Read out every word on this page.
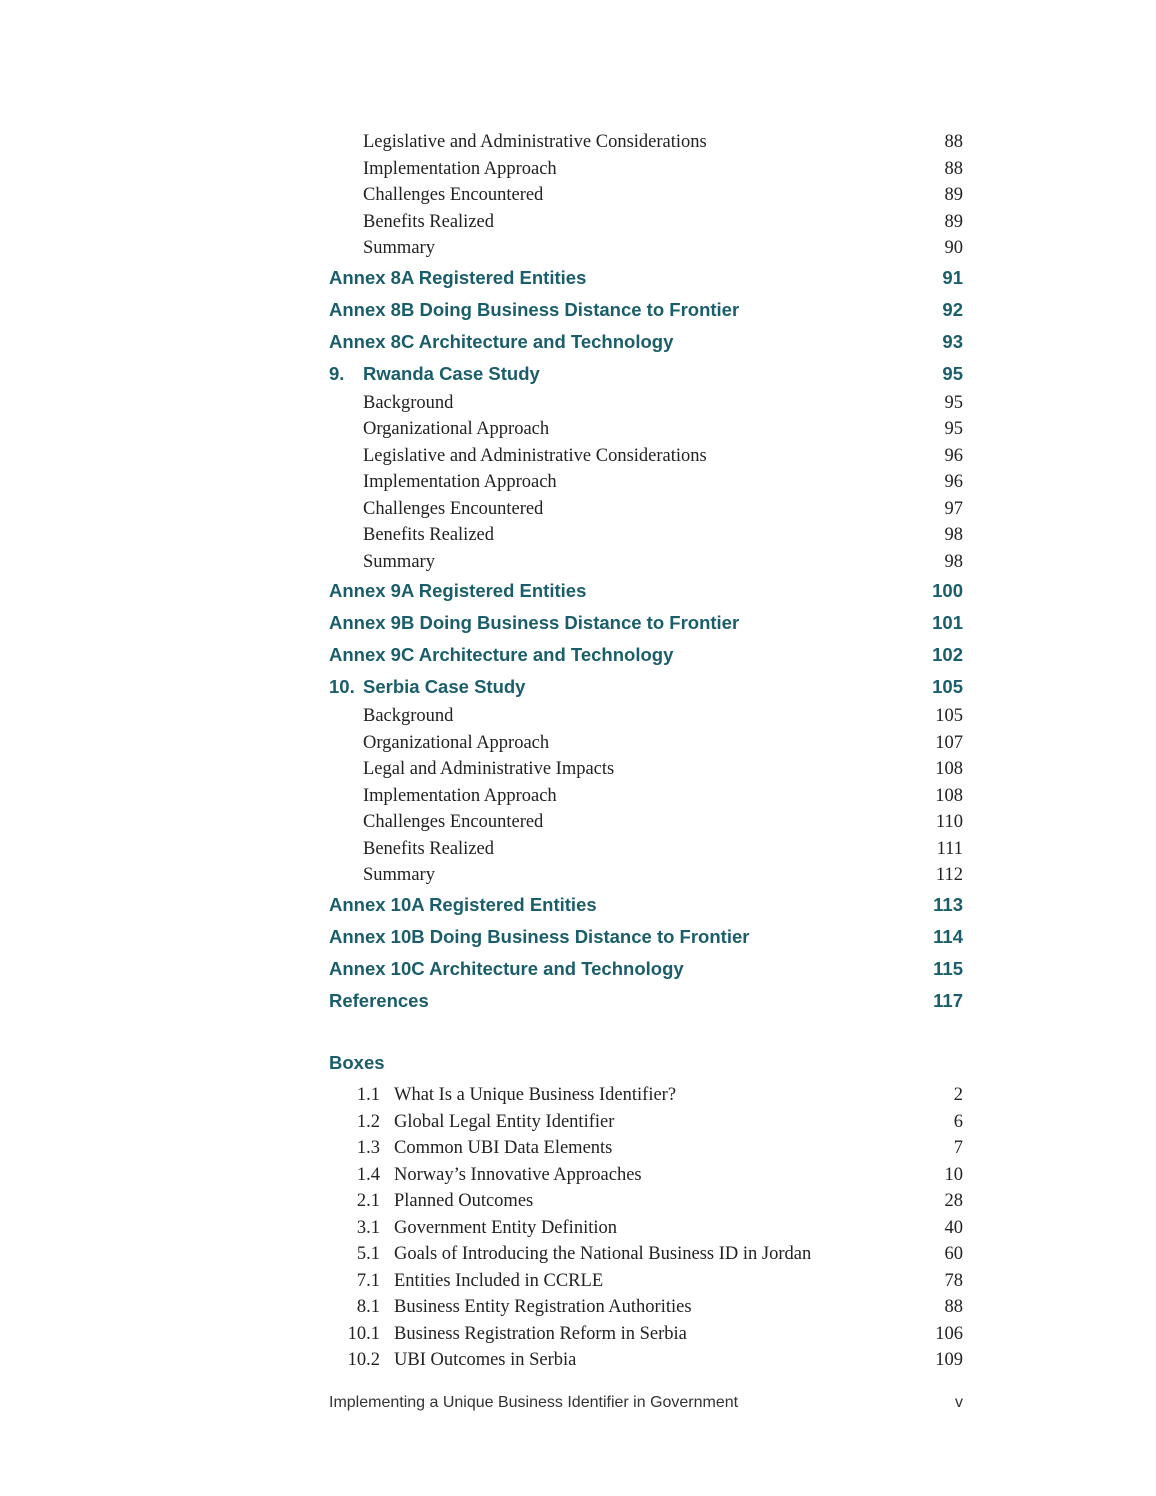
Legislative and Administrative Considerations	88
Implementation Approach	88
Challenges Encountered	89
Benefits Realized	89
Summary	90
Annex 8A Registered Entities	91
Annex 8B Doing Business Distance to Frontier	92
Annex 8C Architecture and Technology	93
9. Rwanda Case Study	95
Background	95
Organizational Approach	95
Legislative and Administrative Considerations	96
Implementation Approach	96
Challenges Encountered	97
Benefits Realized	98
Summary	98
Annex 9A Registered Entities	100
Annex 9B Doing Business Distance to Frontier	101
Annex 9C Architecture and Technology	102
10. Serbia Case Study	105
Background	105
Organizational Approach	107
Legal and Administrative Impacts	108
Implementation Approach	108
Challenges Encountered	110
Benefits Realized	111
Summary	112
Annex 10A Registered Entities	113
Annex 10B Doing Business Distance to Frontier	114
Annex 10C Architecture and Technology	115
References	117
Boxes
1.1 What Is a Unique Business Identifier?	2
1.2 Global Legal Entity Identifier	6
1.3 Common UBI Data Elements	7
1.4 Norway’s Innovative Approaches	10
2.1 Planned Outcomes	28
3.1 Government Entity Definition	40
5.1 Goals of Introducing the National Business ID in Jordan	60
7.1 Entities Included in CCRLE	78
8.1 Business Entity Registration Authorities	88
10.1 Business Registration Reform in Serbia	106
10.2 UBI Outcomes in Serbia	109
Implementing a Unique Business Identifier in Government	v
